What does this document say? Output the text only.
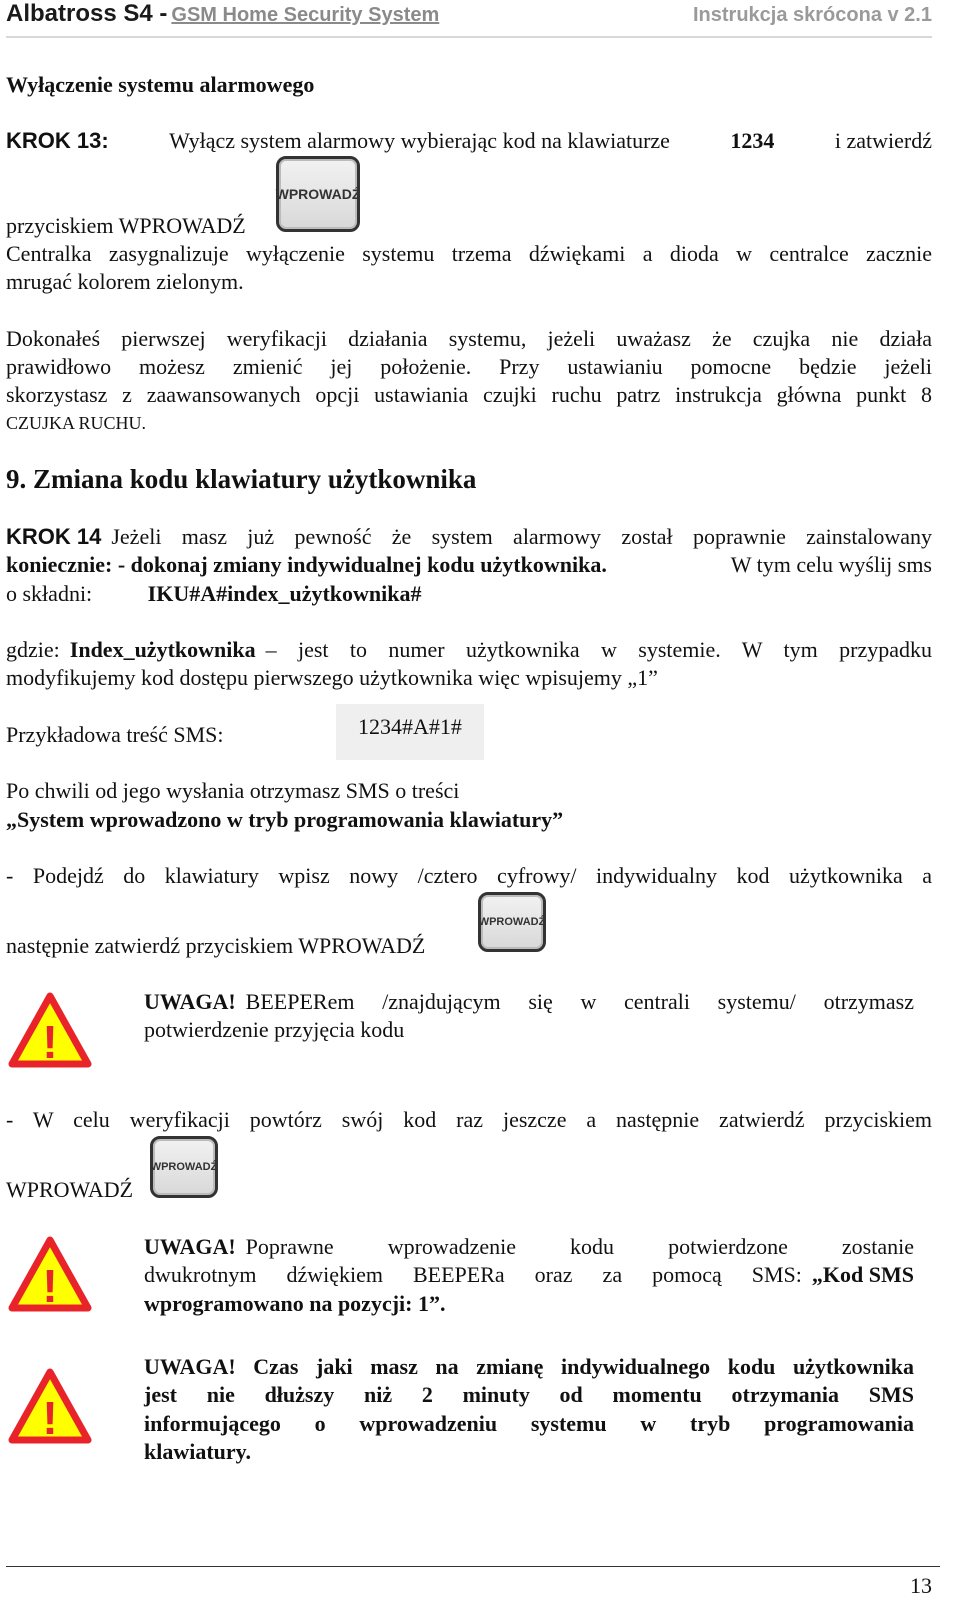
Albatross S4 - GSM Home Security System	Instrukcja skrócona v 2.1
Wyłączenie systemu alarmowego
KROK 13:	Wyłącz system alarmowy wybierając kod na klawiaturze	1234	i zatwierdź
WPROWADŹ
przyciskiem WPROWADŹ
Centralka zasygnalizuje wyłączenie systemu trzema dźwiękami a dioda w centralce zacznie
mrugać kolorem zielonym.
Dokonałeś pierwszej weryfikacji działania systemu, jeżeli uważasz że czujka nie działa
prawidłowo możesz zmienić jej położenie. Przy ustawianiu pomocne będzie jeżeli
skorzystasz z zaawansowanych opcji ustawiania czujki ruchu patrz instrukcja główna punkt 8
CZUJKA RUCHU.
9. Zmiana kodu klawiatury użytkownika
KROK 14 Jeżeli masz już pewność że system alarmowy został poprawnie zainstalowany
koniecznie: - dokonaj zmiany indywidualnej kodu użytkownika.	W tym celu wyślij sms
o składni:	IKU#A#index_użytkownika#
gdzie: Index_użytkownika – jest to numer użytkownika w systemie. W tym przypadku
modyfikujemy kod dostępu pierwszego użytkownika więc wpisujemy „1”
Przykładowa treść SMS:	1234#A#1#
Po chwili od jego wysłania otrzymasz SMS o treści
„System wprowadzono w tryb programowania klawiatury”
- Podejdź do klawiatury wpisz nowy /cztero cyfrowy/ indywidualny kod użytkownika a
WPROWADŹ
następnie zatwierdź przyciskiem WPROWADŹ
!
UWAGA! BEEPERem /znajdującym się w centrali systemu/ otrzymasz
potwierdzenie przyjęcia kodu
- W celu weryfikacji powtórz swój kod raz jeszcze a następnie zatwierdź przyciskiem
WPROWADŹ
WPROWADŹ
!
UWAGA! Poprawne wprowadzenie kodu potwierdzone zostanie
dwukrotnym dźwiękiem BEEPERa oraz za pomocą SMS: „Kod SMS
wprogramowano na pozycji: 1”.
!
UWAGA! Czas jaki masz na zmianę indywidualnego kodu użytkownika
jest nie dłuższy niż 2 minuty od momentu otrzymania SMS
informującego o wprowadzeniu systemu w tryb programowania
klawiatury.
13
